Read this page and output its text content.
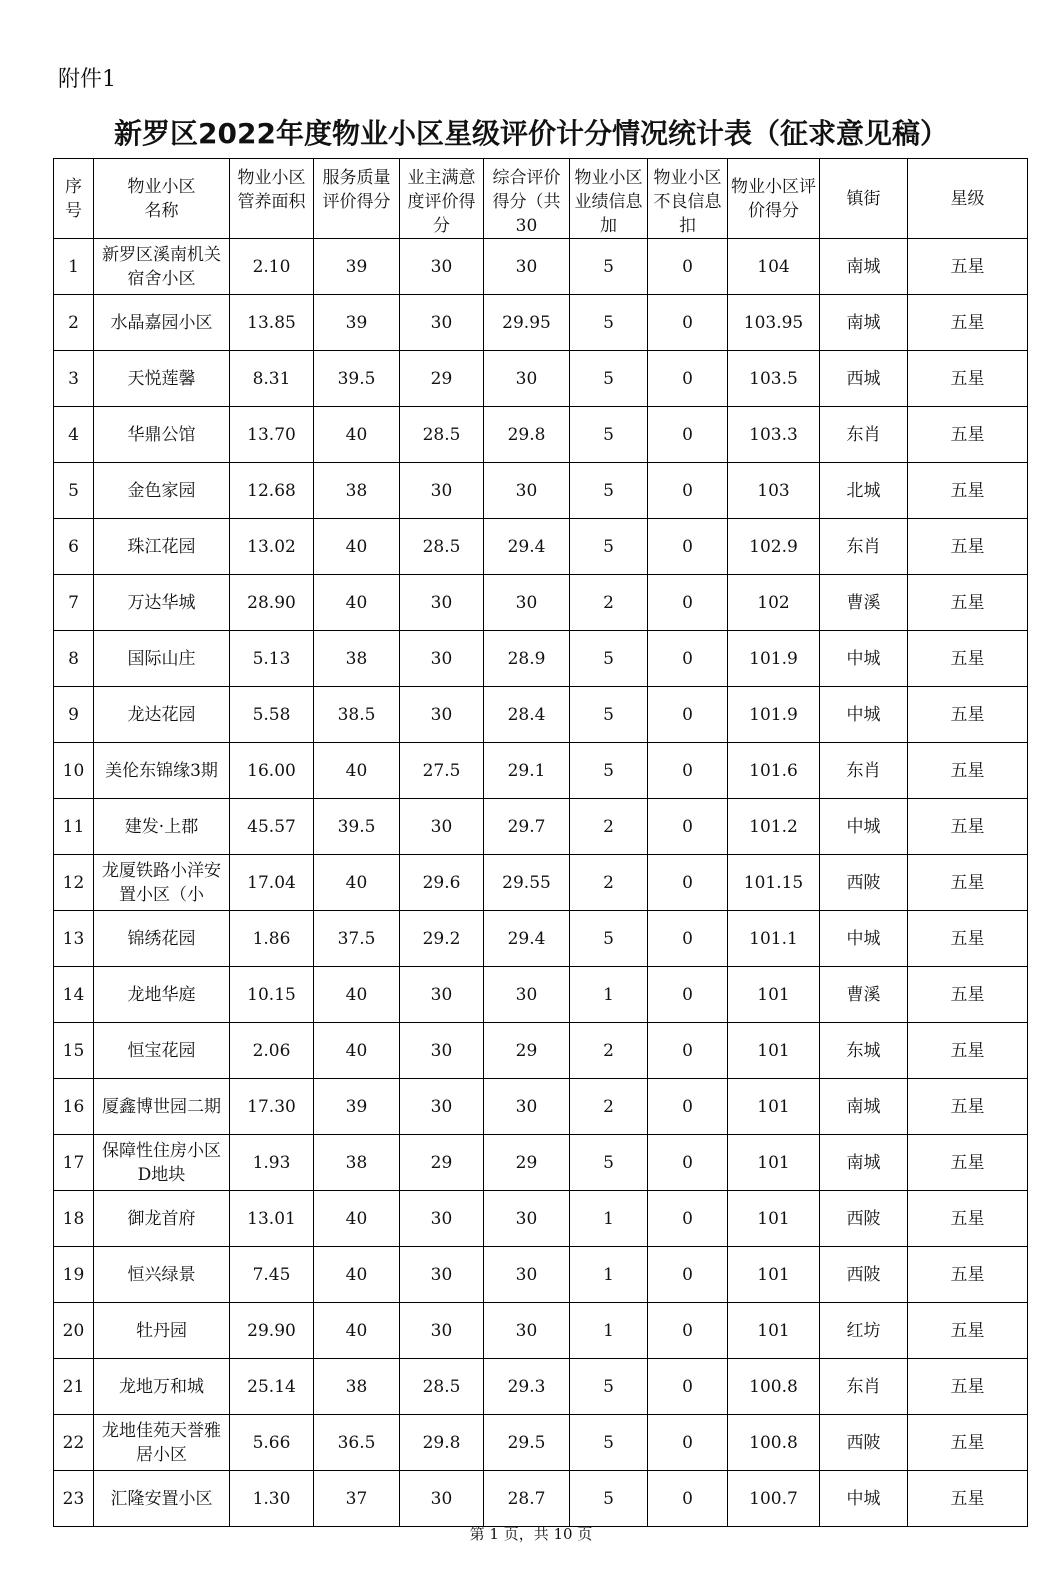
附件1
新罗区2022年度物业小区星级评价计分情况统计表（征求意见稿）
序号	物业小区名称	物业小区管养面积	服务质量评价得分	业主满意度评价得分	综合评价得分（共30	物业小区业绩信息加	物业小区不良信息扣	物业小区评价得分	镇街	星级
1	新罗区溪南机关宿舍小区	2.10	39	30	30	5	0	104	南城	五星
2	水晶嘉园小区	13.85	39	30	29.95	5	0	103.95	南城	五星
3	天悦莲馨	8.31	39.5	29	30	5	0	103.5	西城	五星
4	华鼎公馆	13.70	40	28.5	29.8	5	0	103.3	东肖	五星
5	金色家园	12.68	38	30	30	5	0	103	北城	五星
6	珠江花园	13.02	40	28.5	29.4	5	0	102.9	东肖	五星
7	万达华城	28.90	40	30	30	2	0	102	曹溪	五星
8	国际山庄	5.13	38	30	28.9	5	0	101.9	中城	五星
9	龙达花园	5.58	38.5	30	28.4	5	0	101.9	中城	五星
10	美伦东锦缘3期	16.00	40	27.5	29.1	5	0	101.6	东肖	五星
11	建发·上郡	45.57	39.5	30	29.7	2	0	101.2	中城	五星
12	龙厦铁路小洋安置小区（小	17.04	40	29.6	29.55	2	0	101.15	西陂	五星
13	锦绣花园	1.86	37.5	29.2	29.4	5	0	101.1	中城	五星
14	龙地华庭	10.15	40	30	30	1	0	101	曹溪	五星
15	恒宝花园	2.06	40	30	29	2	0	101	东城	五星
16	厦鑫博世园二期	17.30	39	30	30	2	0	101	南城	五星
17	保障性住房小区D地块	1.93	38	29	29	5	0	101	南城	五星
18	御龙首府	13.01	40	30	30	1	0	101	西陂	五星
19	恒兴绿景	7.45	40	30	30	1	0	101	西陂	五星
20	牡丹园	29.90	40	30	30	1	0	101	红坊	五星
21	龙地万和城	25.14	38	28.5	29.3	5	0	100.8	东肖	五星
22	龙地佳苑天誉雅居小区	5.66	36.5	29.8	29.5	5	0	100.8	西陂	五星
23	汇隆安置小区	1.30	37	30	28.7	5	0	100.7	中城	五星
第 1 页，共 10 页
